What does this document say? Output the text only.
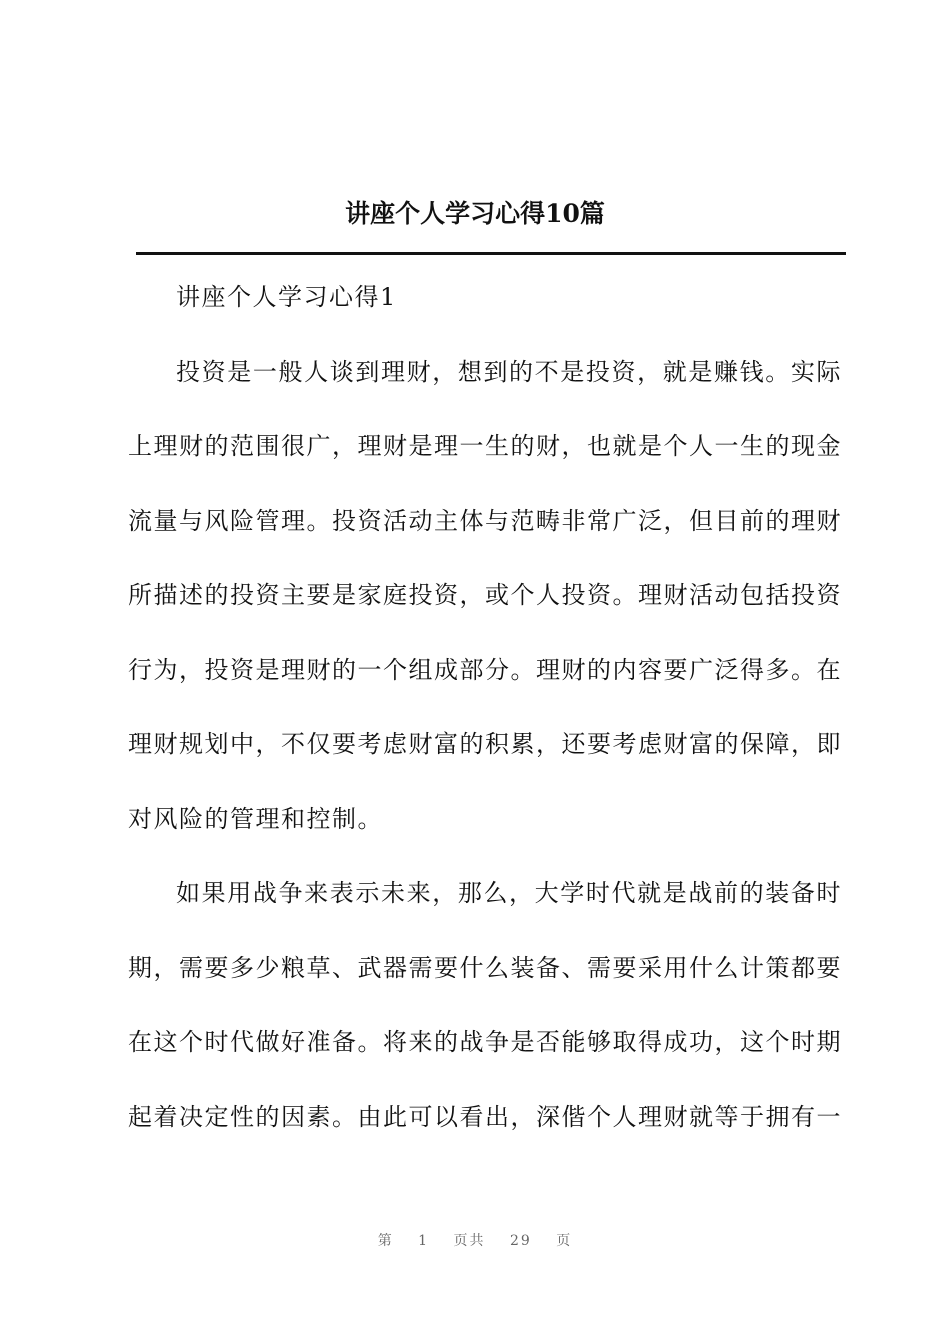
讲座个人学习心得10篇

讲座个人学习心得1

投资是一般人谈到理财，想到的不是投资，就是赚钱。实际上理财的范围很广，理财是理一生的财，也就是个人一生的现金流量与风险管理。投资活动主体与范畴非常广泛，但目前的理财所描述的投资主要是家庭投资，或个人投资。理财活动包括投资行为，投资是理财的一个组成部分。理财的内容要广泛得多。在理财规划中，不仅要考虑财富的积累，还要考虑财富的保障，即对风险的管理和控制。

如果用战争来表示未来，那么，大学时代就是战前的装备时期，需要多少粮草、武器需要什么装备、需要采用什么计策都要在这个时代做好准备。将来的战争是否能够取得成功，这个时期起着决定性的因素。由此可以看出，深偕个人理财就等于拥有一

第 1 页共 29 页
